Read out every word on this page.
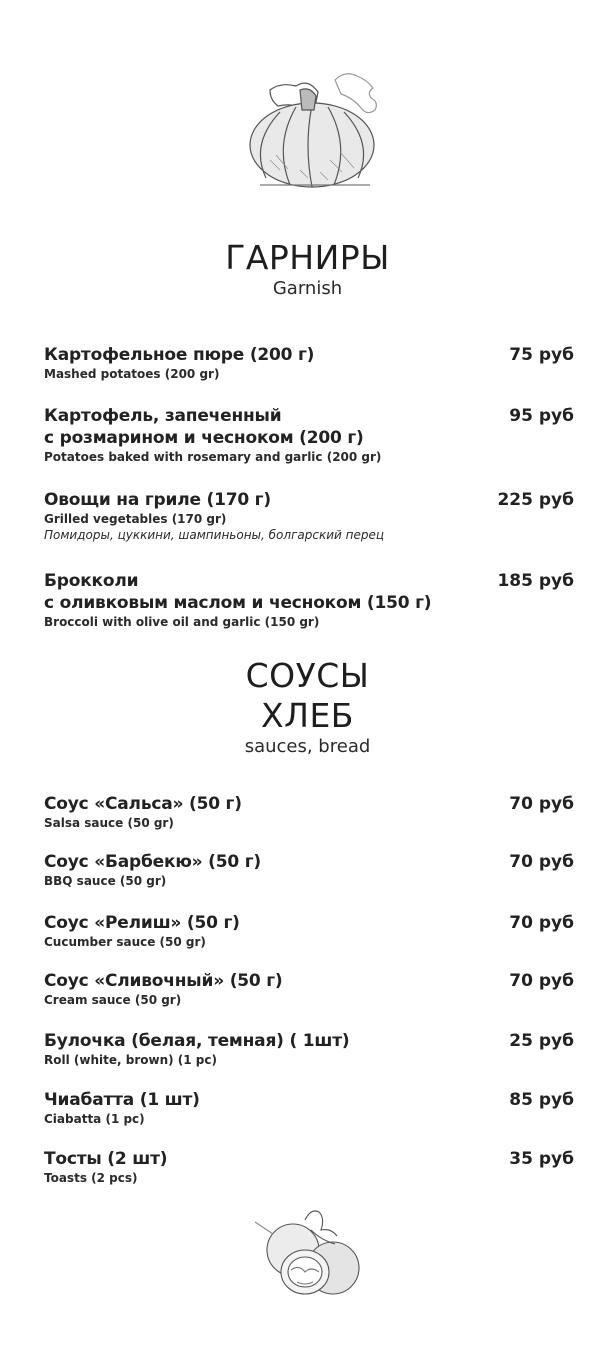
ГАРНИРЫ
Garnish
Картофельное пюре (200 г)
Mashed potatoes (200 gr)
75 руб
Картофель, запеченный
с розмарином и чесноком (200 г)
Potatoes baked with rosemary and garlic (200 gr)
95 руб
Овощи на гриле (170 г)
Grilled vegetables (170 gr)
Помидоры, цуккини, шампиньоны, болгарский перец
225 руб
Брокколи
с оливковым маслом и чесноком (150 г)
Broccoli with olive oil and garlic (150 gr)
185 руб
СОУСЫ
ХЛЕБ
sauces, bread
Соус «Сальса» (50 г)
Salsa sauce (50 gr)
70 руб
Соус «Барбекю» (50 г)
BBQ sauce (50 gr)
70 руб
Соус «Релиш» (50 г)
Cucumber sauce (50 gr)
70 руб
Соус «Сливочный» (50 г)
Cream sauce (50 gr)
70 руб
Булочка (белая, темная) ( 1шт)
Roll (white, brown) (1 pc)
25 руб
Чиабатта (1 шт)
Ciabatta (1 pc)
85 руб
Тосты (2 шт)
Toasts (2 pcs)
35 руб
